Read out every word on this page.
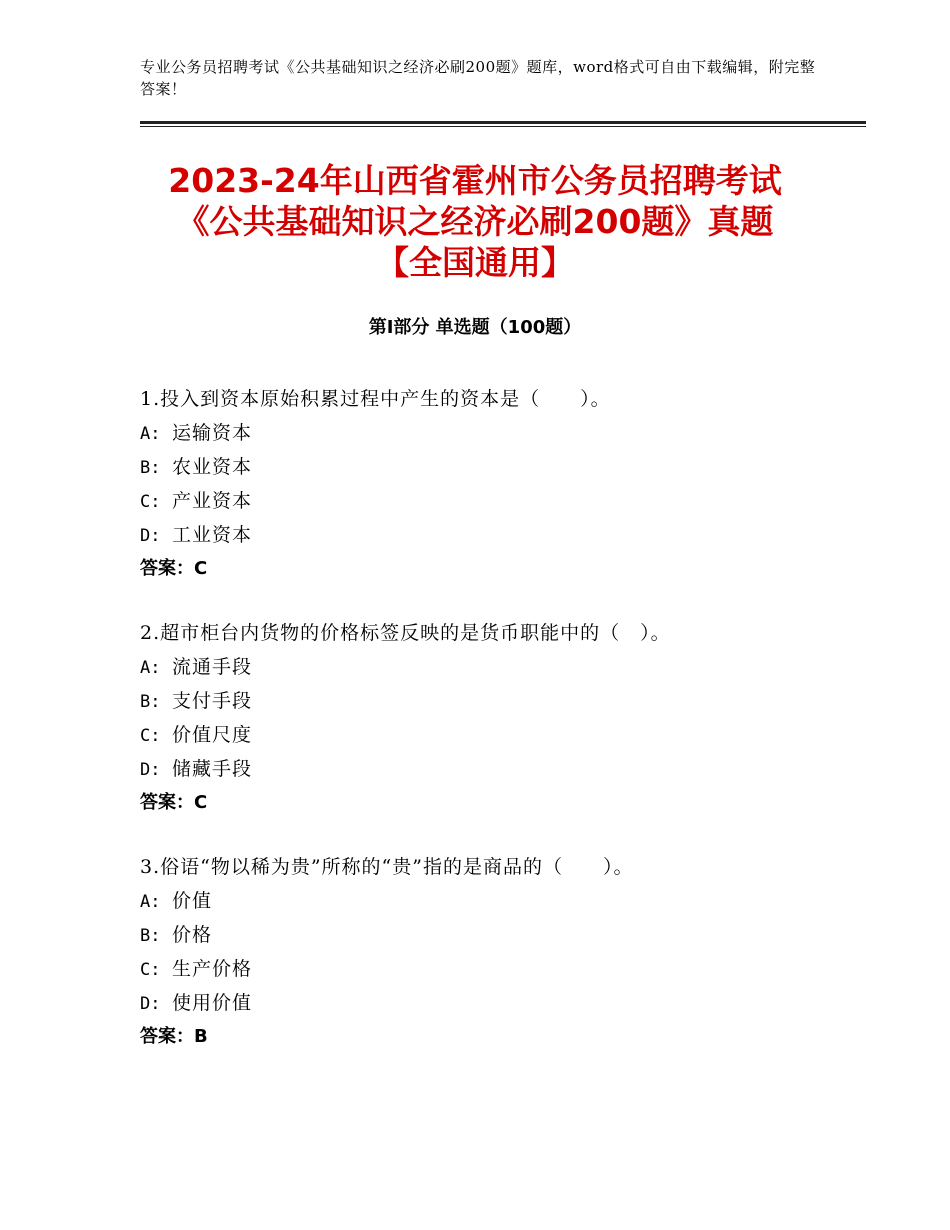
专业公务员招聘考试《公共基础知识之经济必刷200题》题库，word格式可自由下载编辑，附完整答案！
2023-24年山西省霍州市公务员招聘考试
《公共基础知识之经济必刷200题》真题
【全国通用】
第Ⅰ部分 单选题（100题）
1.投入到资本原始积累过程中产生的资本是（　　）。
A: 运输资本
B: 农业资本
C: 产业资本
D: 工业资本
答案：C
2.超市柜台内货物的价格标签反映的是货币职能中的（　）。
A: 流通手段
B: 支付手段
C: 价值尺度
D: 储藏手段
答案：C
3.俗语“物以稀为贵”所称的“贵”指的是商品的（　　）。
A: 价值
B: 价格
C: 生产价格
D: 使用价值
答案：B
